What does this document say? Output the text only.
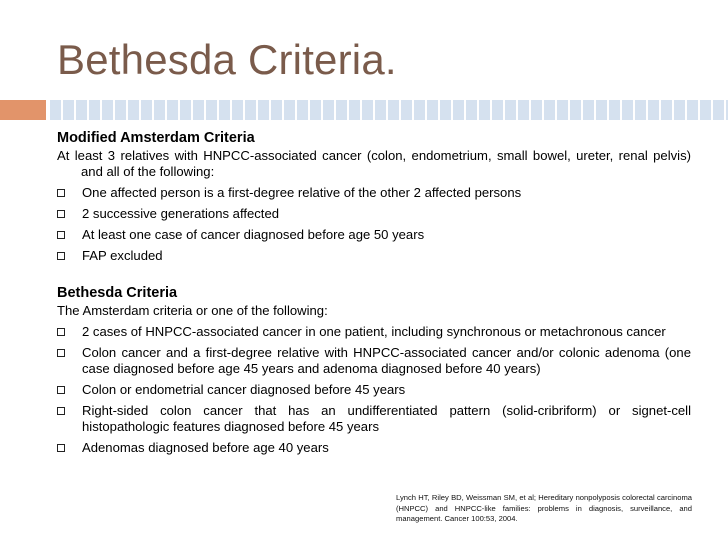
Bethesda Criteria.
Modified Amsterdam Criteria
At least 3 relatives with HNPCC-associated cancer (colon, endometrium, small bowel, ureter, renal pelvis) and all of the following:
One affected person is a first-degree relative of the other 2 affected persons
2 successive generations affected
At least one case of cancer diagnosed before age 50 years
FAP excluded
Bethesda Criteria
The Amsterdam criteria or one of the following:
2 cases of HNPCC-associated cancer in one patient, including synchronous or metachronous cancer
Colon cancer and a first-degree relative with HNPCC-associated cancer and/or colonic adenoma (one case diagnosed before age 45 years and adenoma diagnosed before 40 years)
Colon or endometrial cancer diagnosed before 45 years
Right-sided colon cancer that has an undifferentiated pattern (solid-cribriform) or signet-cell histopathologic features diagnosed before 45 years
Adenomas diagnosed before age 40 years
Lynch HT, Riley BD, Weissman SM, et al; Hereditary nonpolyposis colorectal carcinoma (HNPCC) and HNPCC-like families: problems in diagnosis, surveillance, and management. Cancer 100:53, 2004.
